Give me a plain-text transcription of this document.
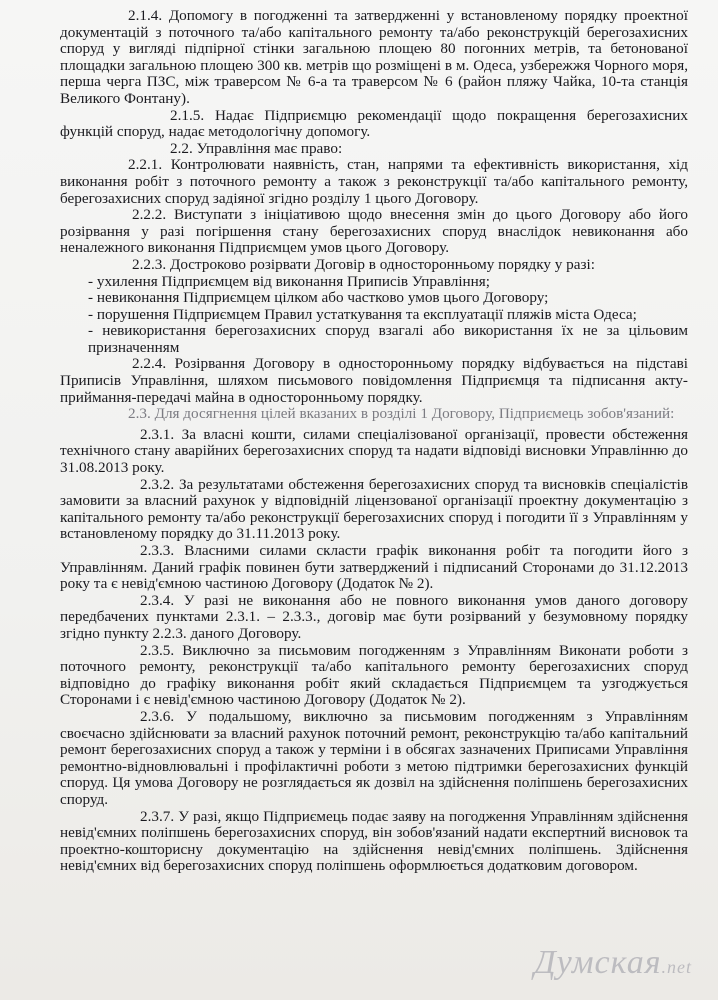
2.1.4. Допомогу в погодженні та затвердженні у встановленому порядку проектної документацій з поточного та/або капітального ремонту та/або реконструкцій берегозахисних споруд у вигляді підпірної стінки загальною площею 80 погонних метрів, та бетонованої площадки загальною площею 300 кв. метрів що розміщені в м. Одеса, узбережжя Чорного моря, перша черга ПЗС, між траверсом № 6-а та траверсом № 6 (район пляжу Чайка, 10-та станція Великого Фонтану).

2.1.5. Надає Підприємцю рекомендації щодо покращення берегозахисних функцій споруд, надає методологічну допомогу.

2.2. Управління має право:

2.2.1. Контролювати наявність, стан, напрями та ефективність використання, хід виконання робіт з поточного ремонту а також з реконструкції та/або капітального ремонту, берегозахисних споруд задіяної згідно розділу 1 цього Договору.

2.2.2. Виступати з ініціативою щодо внесення змін до цього Договору або його розірвання у разі погіршення стану берегозахисних споруд внаслідок невиконання або неналежного виконання Підприємцем умов цього Договору.

2.2.3. Достроково розірвати Договір в односторонньому порядку у разі:

- ухилення Підприємцем від виконання Приписів Управління;

- невиконання Підприємцем цілком або частково умов цього Договору;

- порушення Підприємцем Правил устаткування та експлуатації пляжів міста Одеса;

- невикористання берегозахисних споруд взагалі або використання їх не за цільовим призначенням

2.2.4. Розірвання Договору в односторонньому порядку відбувається на підставі Приписів Управління, шляхом письмового повідомлення Підприємця та підписання акту-приймання-передачі майна в односторонньому порядку.

2.3. Для досягнення цілей вказаних в розділі 1 Договору, Підприємець зобов'язаний:

2.3.1. За власні кошти, силами спеціалізованої організації, провести обстеження технічного стану аварійних берегозахисних споруд та надати відповіді висновки Управлінню до 31.08.2013 року.

2.3.2. За результатами обстеження берегозахисних споруд та висновків спеціалістів замовити за власний рахунок у відповідній ліцензованої організації проектну документацію з капітального ремонту та/або реконструкції берегозахисних споруд і погодити її з Управлінням у встановленому порядку до 31.11.2013 року.

2.3.3. Власними силами скласти графік виконання робіт та погодити його з Управлінням. Даний графік повинен бути затверджений і підписаний Сторонами до 31.12.2013 року та є невід'ємною частиною Договору (Додаток № 2).

2.3.4. У разі не виконання або не повного виконання умов даного договору передбачених пунктами 2.3.1. – 2.3.3., договір має бути розірваний у безумовному порядку згідно пункту 2.2.3. даного Договору.

2.3.5. Виключно за письмовим погодженням з Управлінням Виконати роботи з поточного ремонту, реконструкції та/або капітального ремонту берегозахисних споруд відповідно до графіку виконання робіт який складається Підприємцем та узгоджується Сторонами і є невід'ємною частиною Договору (Додаток № 2).

2.3.6. У подальшому, виключно за письмовим погодженням з Управлінням своєчасно здійснювати за власний рахунок поточний ремонт, реконструкцію та/або капітальний ремонт берегозахисних споруд а також у терміни і в обсягах зазначених Приписами Управління ремонтно-відновлювальні і профілактичні роботи з метою підтримки берегозахисних функцій споруд. Ця умова Договору не розглядається як дозвіл на здійснення поліпшень берегозахисних споруд.

2.3.7. У разі, якщо Підприємець подає заяву на погодження Управлінням здійснення невід'ємних поліпшень берегозахисних споруд, він зобов'язаний надати експертний висновок та проектно-кошторисну документацію на здійснення невід'ємних поліпшень. Здійснення невід'ємних від берегозахисних споруд поліпшень оформлюється додатковим договором.

Думская.net
